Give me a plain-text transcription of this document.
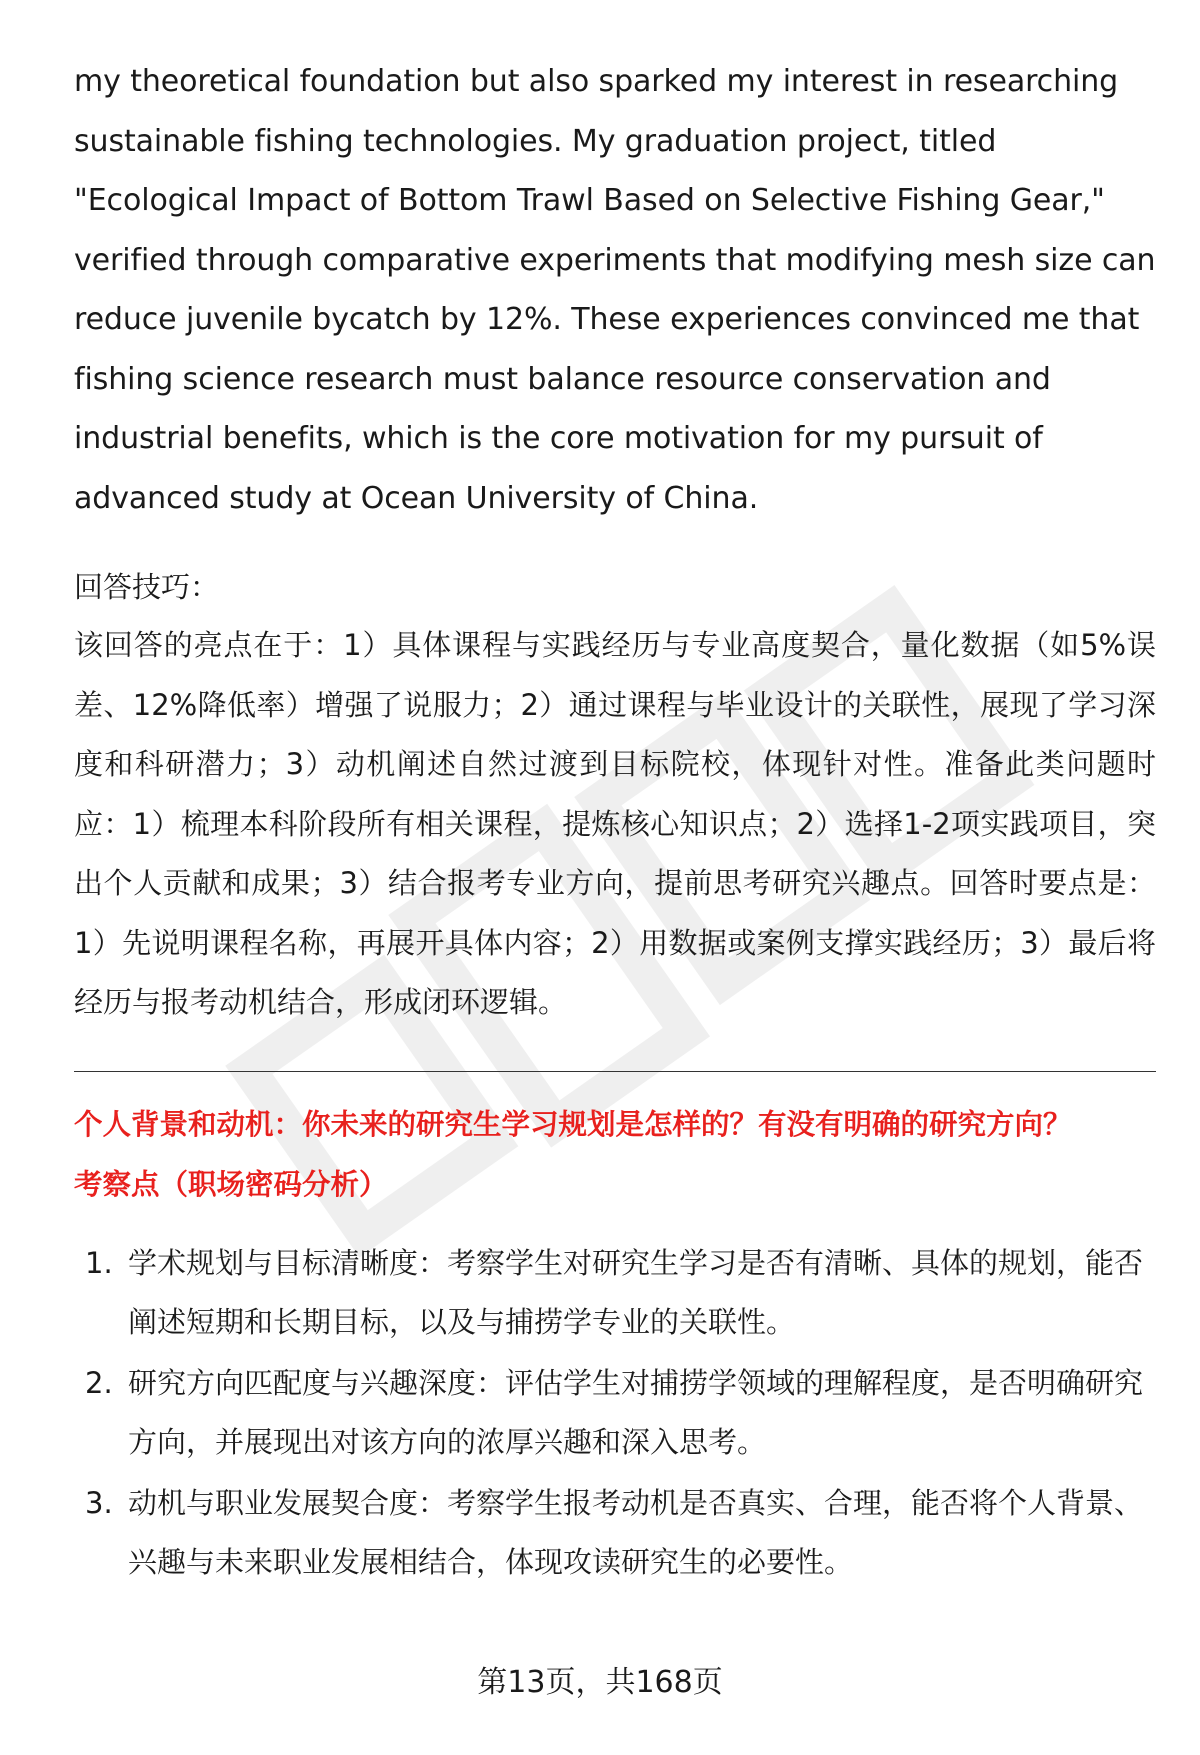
my theoretical foundation but also sparked my interest in researching sustainable fishing technologies. My graduation project, titled "Ecological Impact of Bottom Trawl Based on Selective Fishing Gear," verified through comparative experiments that modifying mesh size can reduce juvenile bycatch by 12%. These experiences convinced me that fishing science research must balance resource conservation and industrial benefits, which is the core motivation for my pursuit of advanced study at Ocean University of China.

回答技巧：

该回答的亮点在于：1）具体课程与实践经历与专业高度契合，量化数据（如5%误差、12%降低率）增强了说服力；2）通过课程与毕业设计的关联性，展现了学习深度和科研潜力；3）动机阐述自然过渡到目标院校，体现针对性。准备此类问题时应：1）梳理本科阶段所有相关课程，提炼核心知识点；2）选择1-2项实践项目，突出个人贡献和成果；3）结合报考专业方向，提前思考研究兴趣点。回答时要点是：1）先说明课程名称，再展开具体内容；2）用数据或案例支撑实践经历；3）最后将经历与报考动机结合，形成闭环逻辑。

个人背景和动机：你未来的研究生学习规划是怎样的？有没有明确的研究方向？

考察点（职场密码分析）

1. 学术规划与目标清晰度：考察学生对研究生学习是否有清晰、具体的规划，能否阐述短期和长期目标，以及与捕捞学专业的关联性。
2. 研究方向匹配度与兴趣深度：评估学生对捕捞学领域的理解程度，是否明确研究方向，并展现出对该方向的浓厚兴趣和深入思考。
3. 动机与职业发展契合度：考察学生报考动机是否真实、合理，能否将个人背景、兴趣与未来职业发展相结合，体现攻读研究生的必要性。
第13页，共168页
